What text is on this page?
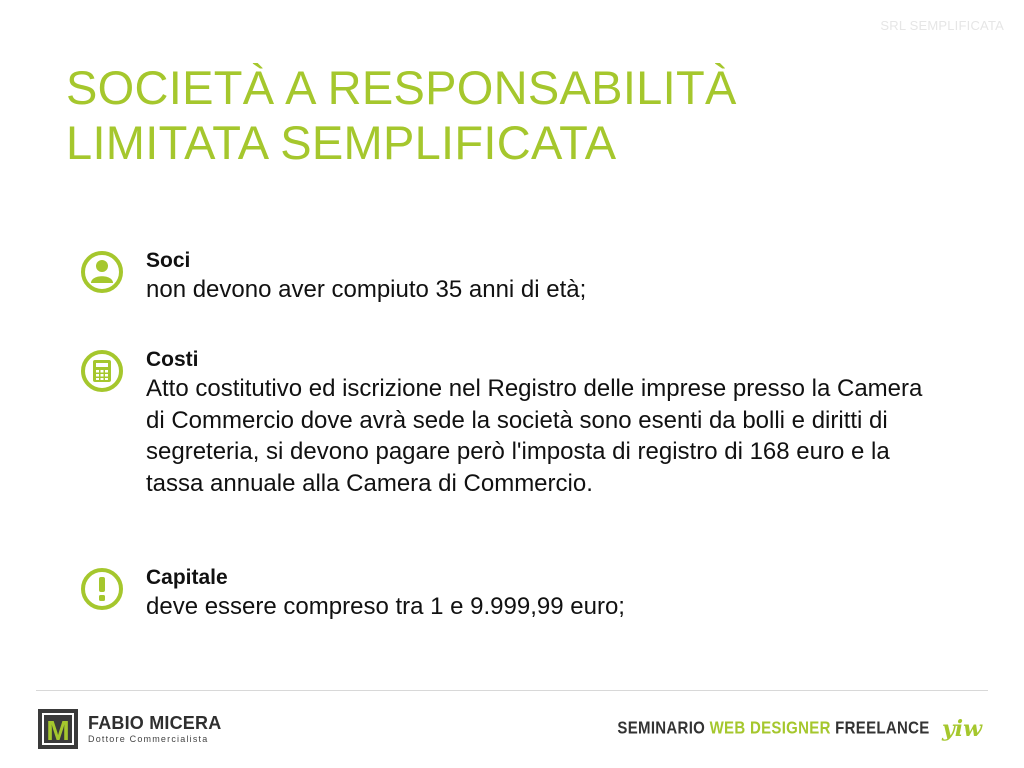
SRL SEMPLIFICATA
SOCIETÀ A RESPONSABILITÀ
LIMITATA SEMPLIFICATA
Soci
non devono aver compiuto 35 anni di età;
Costi
Atto costitutivo ed iscrizione nel Registro delle imprese presso la Camera di Commercio dove avrà sede la società sono esenti da bolli e diritti di segreteria, si devono pagare però l'imposta di registro di 168 euro e la tassa annuale alla Camera di Commercio.
Capitale
deve essere compreso tra 1 e 9.999,99 euro;
M FABIO MICERA
Dottore Commercialista
SEMINARIO WEB DESIGNER FREELANCE yiw
